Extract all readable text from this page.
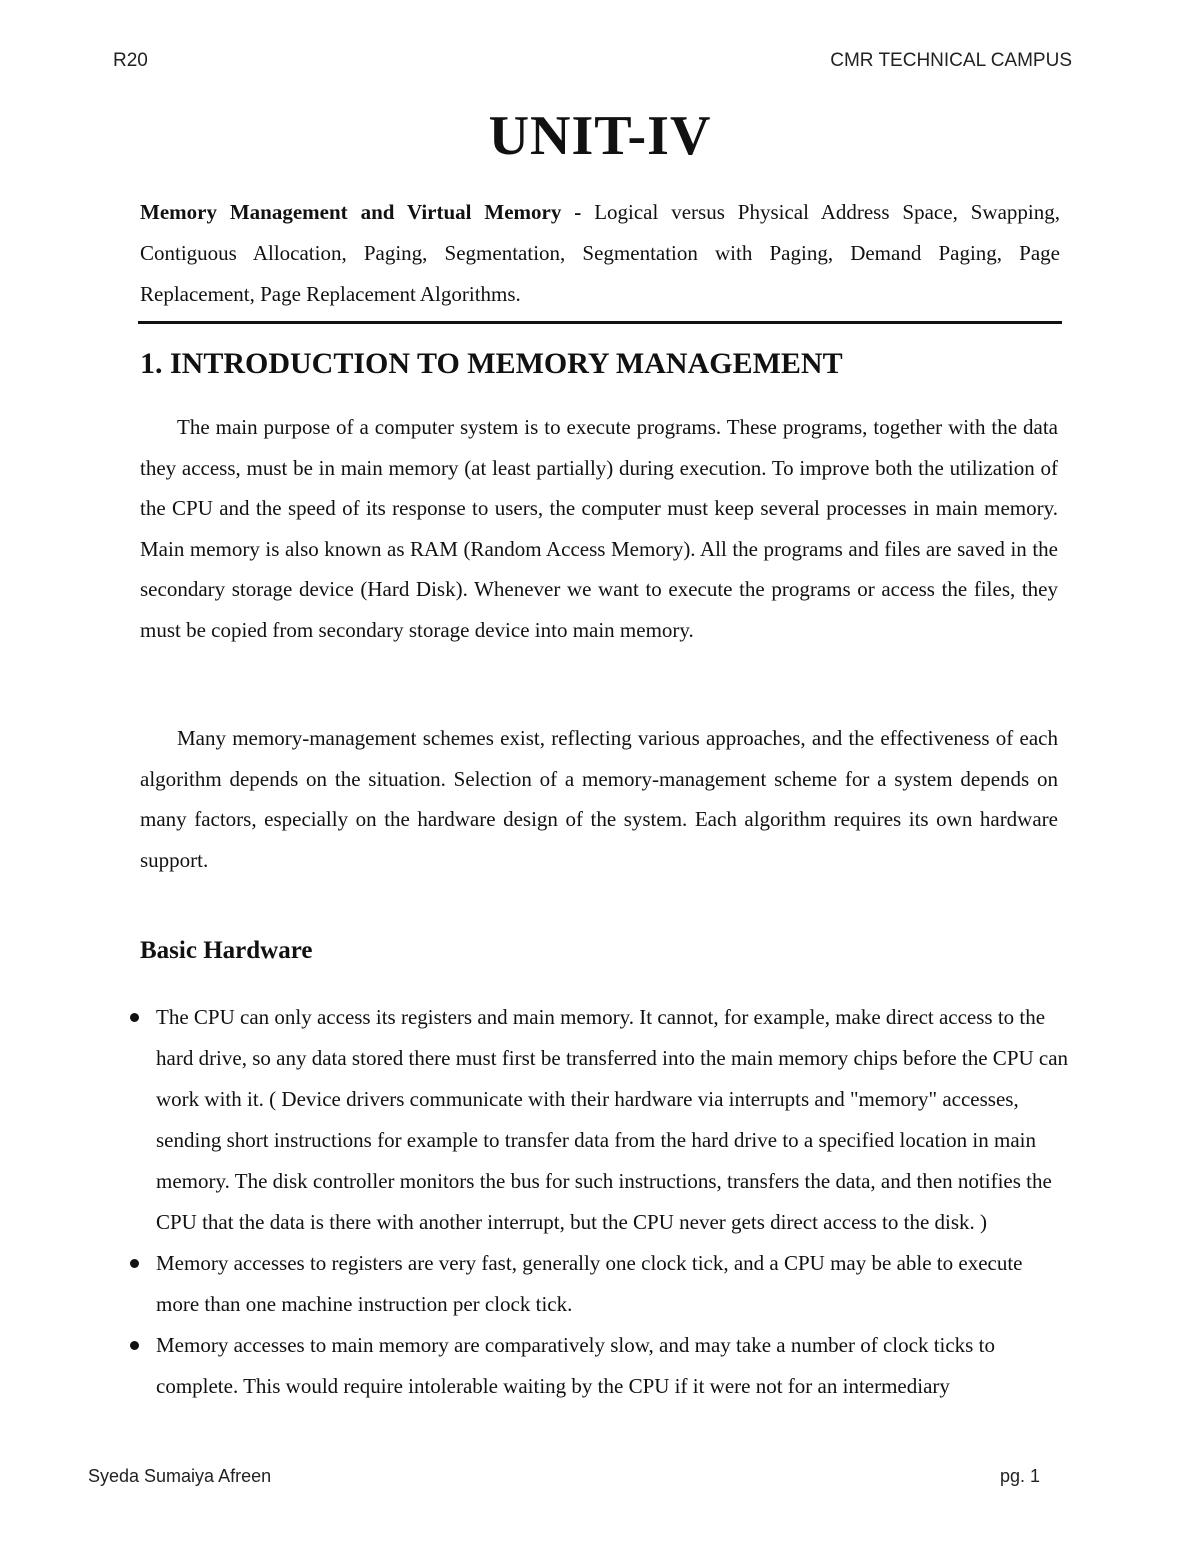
R20	CMR TECHNICAL CAMPUS
UNIT-IV
Memory Management and Virtual Memory - Logical versus Physical Address Space, Swapping, Contiguous Allocation, Paging, Segmentation, Segmentation with Paging, Demand Paging, Page Replacement, Page Replacement Algorithms.
1. INTRODUCTION TO MEMORY MANAGEMENT

The main purpose of a computer system is to execute programs. These programs, together with the data they access, must be in main memory (at least partially) during execution. To improve both the utilization of the CPU and the speed of its response to users, the computer must keep several processes in main memory. Main memory is also known as RAM (Random Access Memory). All the programs and files are saved in the secondary storage device (Hard Disk). Whenever we want to execute the programs or access the files, they must be copied from secondary storage device into main memory.

Many memory-management schemes exist, reflecting various approaches, and the effectiveness of each algorithm depends on the situation. Selection of a memory-management scheme for a system depends on many factors, especially on the hardware design of the system. Each algorithm requires its own hardware support.

Basic Hardware
The CPU can only access its registers and main memory. It cannot, for example, make direct access to the hard drive, so any data stored there must first be transferred into the main memory chips before the CPU can work with it. ( Device drivers communicate with their hardware via interrupts and "memory" accesses, sending short instructions for example to transfer data from the hard drive to a specified location in main memory. The disk controller monitors the bus for such instructions, transfers the data, and then notifies the CPU that the data is there with another interrupt, but the CPU never gets direct access to the disk. )
Memory accesses to registers are very fast, generally one clock tick, and a CPU may be able to execute more than one machine instruction per clock tick.
Memory accesses to main memory are comparatively slow, and may take a number of clock ticks to complete. This would require intolerable waiting by the CPU if it were not for an intermediary
Syeda Sumaiya Afreen	pg. 1
